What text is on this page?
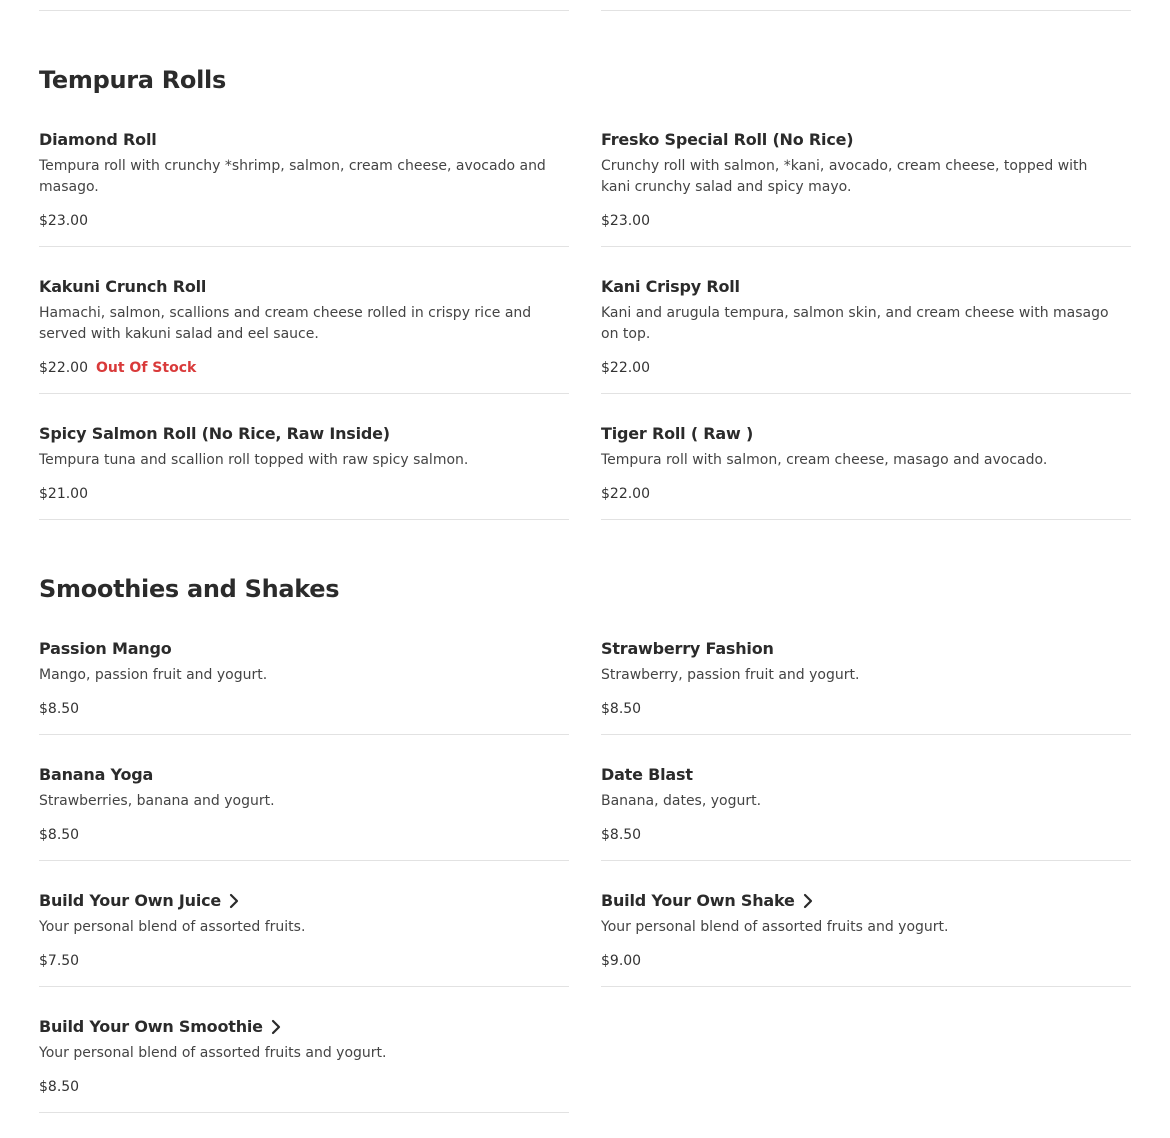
Tempura Rolls
Diamond Roll
Tempura roll with crunchy *shrimp, salmon, cream cheese, avocado and masago.
$23.00
Fresko Special Roll (No Rice)
Crunchy roll with salmon, *kani, avocado, cream cheese, topped with kani crunchy salad and spicy mayo.
$23.00
Kakuni Crunch Roll
Hamachi, salmon, scallions and cream cheese rolled in crispy rice and served with kakuni salad and eel sauce.
$22.00 Out Of Stock
Kani Crispy Roll
Kani and arugula tempura, salmon skin, and cream cheese with masago on top.
$22.00
Spicy Salmon Roll (No Rice, Raw Inside)
Tempura tuna and scallion roll topped with raw spicy salmon.
$21.00
Tiger Roll ( Raw )
Tempura roll with salmon, cream cheese, masago and avocado.
$22.00
Smoothies and Shakes
Passion Mango
Mango, passion fruit and yogurt.
$8.50
Strawberry Fashion
Strawberry, passion fruit and yogurt.
$8.50
Banana Yoga
Strawberries, banana and yogurt.
$8.50
Date Blast
Banana, dates, yogurt.
$8.50
Build Your Own Juice
Your personal blend of assorted fruits.
$7.50
Build Your Own Shake
Your personal blend of assorted fruits and yogurt.
$9.00
Build Your Own Smoothie
Your personal blend of assorted fruits and yogurt.
$8.50
